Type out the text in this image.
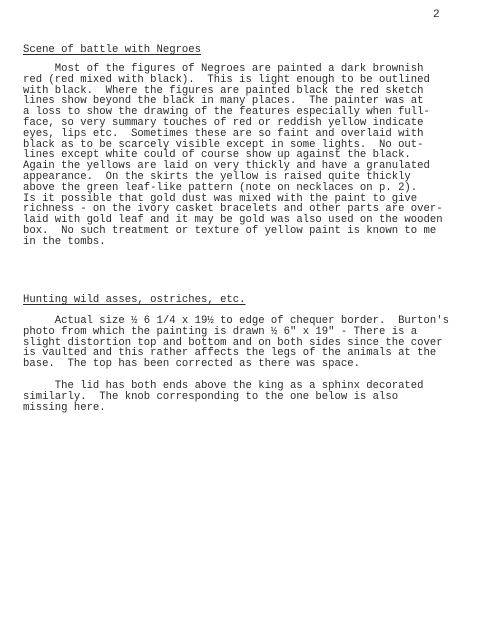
2
Scene of battle with Negroes

Most of the figures of Negroes are painted a dark brownish
red (red mixed with black).  This is light enough to be outlined
with black.  Where the figures are painted black the red sketch
lines show beyond the black in many places.  The painter was at
a loss to show the drawing of the features especially when full-
face, so very summary touches of red or reddish yellow indicate
eyes, lips etc.  Sometimes these are so faint and overlaid with
black as to be scarcely visible except in some lights.  No out-
lines except white could of course show up against the black.
Again the yellows are laid on very thickly and have a granulated
appearance.  On the skirts the yellow is raised quite thickly
above the green leaf-like pattern (note on necklaces on p. 2).
Is it possible that gold dust was mixed with the paint to give
richness - on the ivory casket bracelets and other parts are over-
laid with gold leaf and it may be gold was also used on the wooden
box.  No such treatment or texture of yellow paint is known to me
in the tombs.

Hunting wild asses, ostriches, etc.

Actual size ½ 6 1/4 x 19½ to edge of chequer border.  Burton's
photo from which the painting is drawn ½ 6" x 19" - There is a
slight distortion top and bottom and on both sides since the cover
is vaulted and this rather affects the legs of the animals at the
base.  The top has been corrected as there was space.

The lid has both ends above the king as a sphinx decorated
similarly.  The knob corresponding to the one below is also
missing here.
